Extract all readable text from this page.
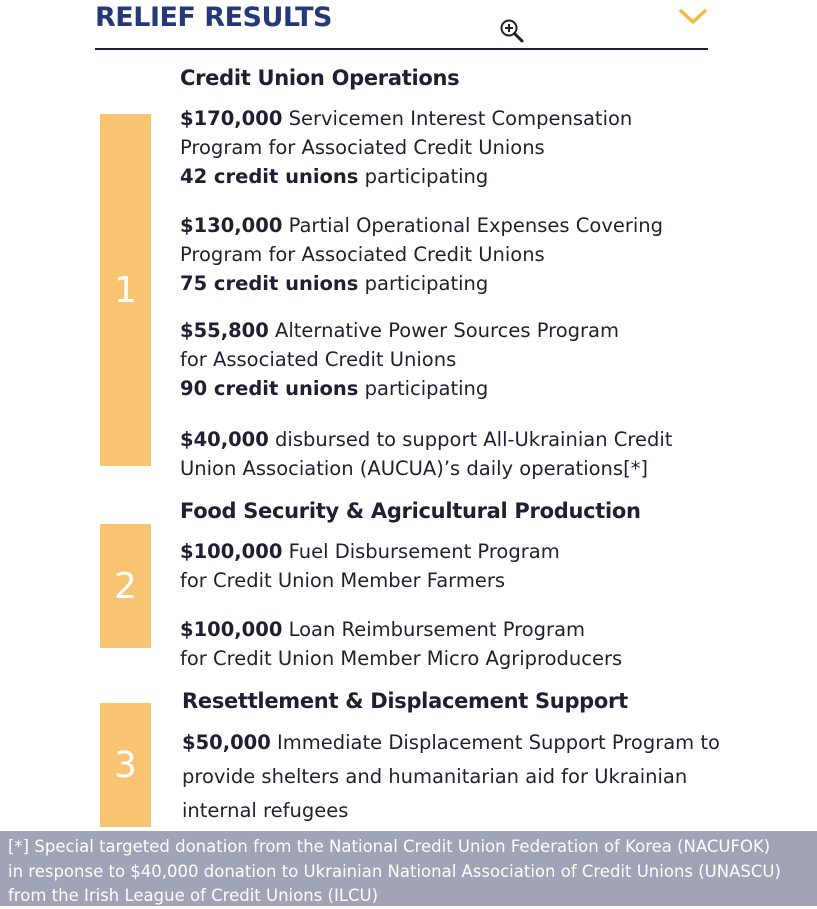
RELIEF RESULTS
1
Credit Union Operations
$170,000 Servicemen Interest Compensation
Program for Associated Credit Unions
42 credit unions participating
$130,000 Partial Operational Expenses Covering
Program for Associated Credit Unions
75 credit unions participating
$55,800 Alternative Power Sources Program
for Associated Credit Unions
90 credit unions participating
$40,000 disbursed to support All-Ukrainian Credit
Union Association (AUCUA)’s daily operations[*]
2
Food Security & Agricultural Production
$100,000 Fuel Disbursement Program
for Credit Union Member Farmers
$100,000 Loan Reimbursement Program
for Credit Union Member Micro Agriproducers
3
Resettlement & Displacement Support
$50,000 Immediate Displacement Support Program to
provide shelters and humanitarian aid for Ukrainian
internal refugees
[*] Special targeted donation from the National Credit Union Federation of Korea (NACUFOK)
in response to $40,000 donation to Ukrainian National Association of Credit Unions (UNASCU)
from the Irish League of Credit Unions (ILCU)
